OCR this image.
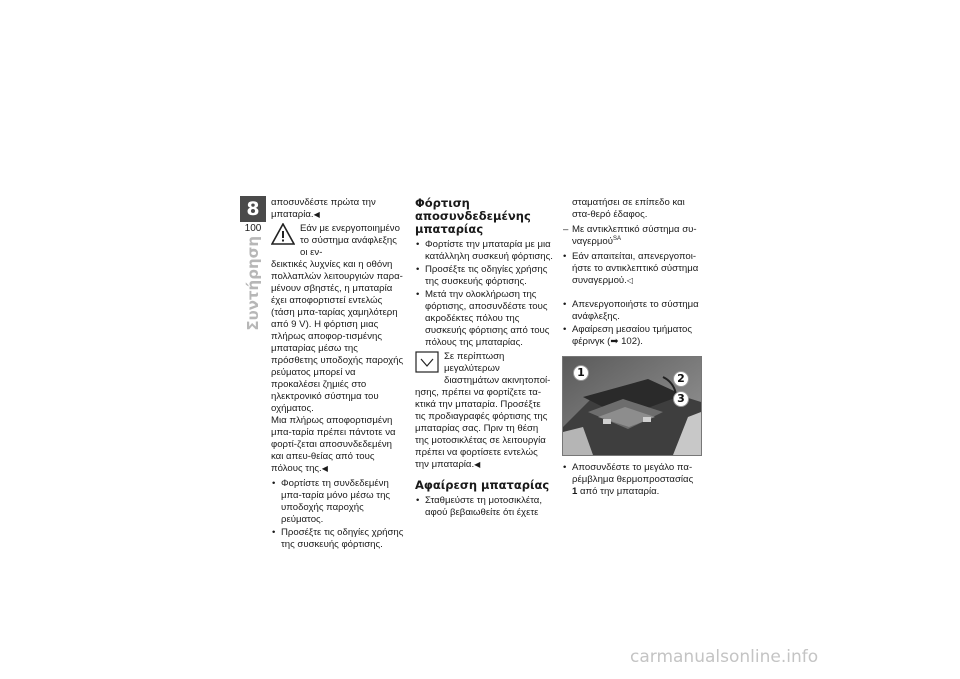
8
100
Συντήρηση

αποσυνδέστε πρώτα την μπαταρία.◀

Εάν με ενεργοποιημένο το σύστημα ανάφλεξης οι εν-

δεικτικές λυχνίες και η οθόνη πολλαπλών λειτουργιών παρα-μένουν σβηστές, η μπαταρία έχει αποφορτιστεί εντελώς (τάση μπα-ταρίας χαμηλότερη από 9 V). Η φόρτιση μιας πλήρως αποφορ-τισμένης μπαταρίας μέσω της πρόσθετης υποδοχής παροχής ρεύματος μπορεί να προκαλέσει ζημιές στο ηλεκτρονικό σύστημα του οχήματος.

Μια πλήρως αποφορτισμένη μπα-ταρία πρέπει πάντοτε να φορτί-ζεται αποσυνδεδεμένη και απευ-θείας από τους πόλους της.◀

• Φορτίστε τη συνδεδεμένη μπα-ταρία μόνο μέσω της υποδοχής παροχής ρεύματος.
• Προσέξτε τις οδηγίες χρήσης της συσκευής φόρτισης.
Φόρτιση αποσυνδεδεμένης μπαταρίας
• Φορτίστε την μπαταρία με μια κατάλληλη συσκευή φόρτισης.
• Προσέξτε τις οδηγίες χρήσης της συσκευής φόρτισης.
• Μετά την ολοκλήρωση της φόρτισης, αποσυνδέστε τους ακροδέκτες πόλου της συσκευής φόρτισης από τους πόλους της μπαταρίας.
Σε περίπτωση μεγαλύτερων διαστημάτων ακινητοποί-

ησης, πρέπει να φορτίζετε τα-κτικά την μπαταρία. Προσέξτε τις προδιαγραφές φόρτισης της μπαταρίας σας. Πριν τη θέση της μοτοσικλέτας σε λειτουργία πρέπει να φορτίσετε εντελώς την μπαταρία.◀

Αφαίρεση μπαταρίας
• Σταθμεύστε τη μοτοσικλέτα, αφού βεβαιωθείτε ότι έχετε

σταματήσει σε επίπεδο και στα-θερό έδαφος.

– Με αντικλεπτικό σύστημα συ-ναγερμού$^{SA}$
• Εάν απαιτείται, απενεργοποι-ήστε το αντικλεπτικό σύστημα συναγερμού.◁
• Απενεργοποιήστε το σύστημα ανάφλεξης.
• Αφαίρεση μεσαίου τμήματος φέρινγκ (➡ 102).
1	2
3
• Αποσυνδέστε το μεγάλο πα-ρέμβλημα θερμοπροστασίας 1 από την μπαταρία.
carmanualsonline.info
